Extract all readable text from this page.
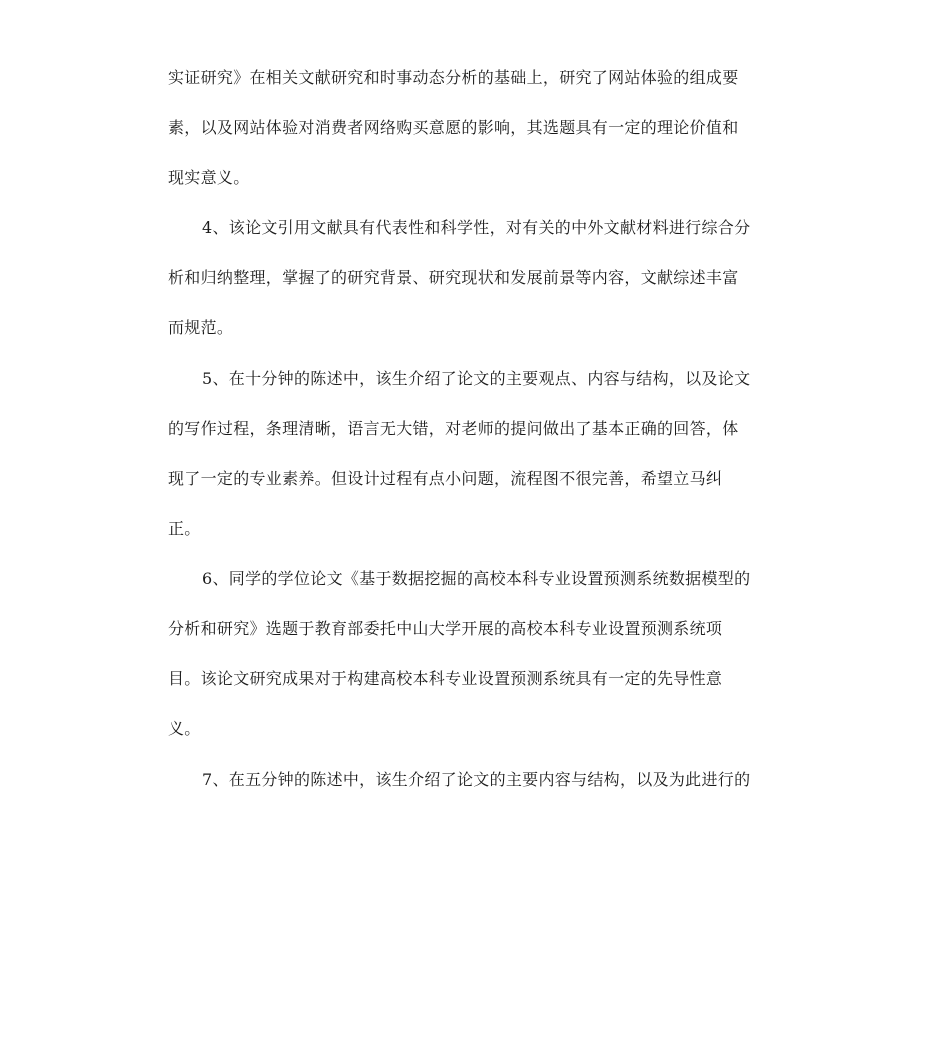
实证研究》在相关文献研究和时事动态分析的基础上，研究了网站体验的组成要
素，以及网站体验对消费者网络购买意愿的影响，其选题具有一定的理论价值和
现实意义。
4、该论文引用文献具有代表性和科学性，对有关的中外文献材料进行综合分
析和归纳整理，掌握了的研究背景、研究现状和发展前景等内容，文献综述丰富
而规范。
5、在十分钟的陈述中，该生介绍了论文的主要观点、内容与结构，以及论文
的写作过程，条理清晰，语言无大错，对老师的提问做出了基本正确的回答，体
现了一定的专业素养。但设计过程有点小问题，流程图不很完善，希望立马纠
正。
6、同学的学位论文《基于数据挖掘的高校本科专业设置预测系统数据模型的
分析和研究》选题于教育部委托中山大学开展的高校本科专业设置预测系统项
目。该论文研究成果对于构建高校本科专业设置预测系统具有一定的先导性意
义。
7、在五分钟的陈述中，该生介绍了论文的主要内容与结构，以及为此进行的
